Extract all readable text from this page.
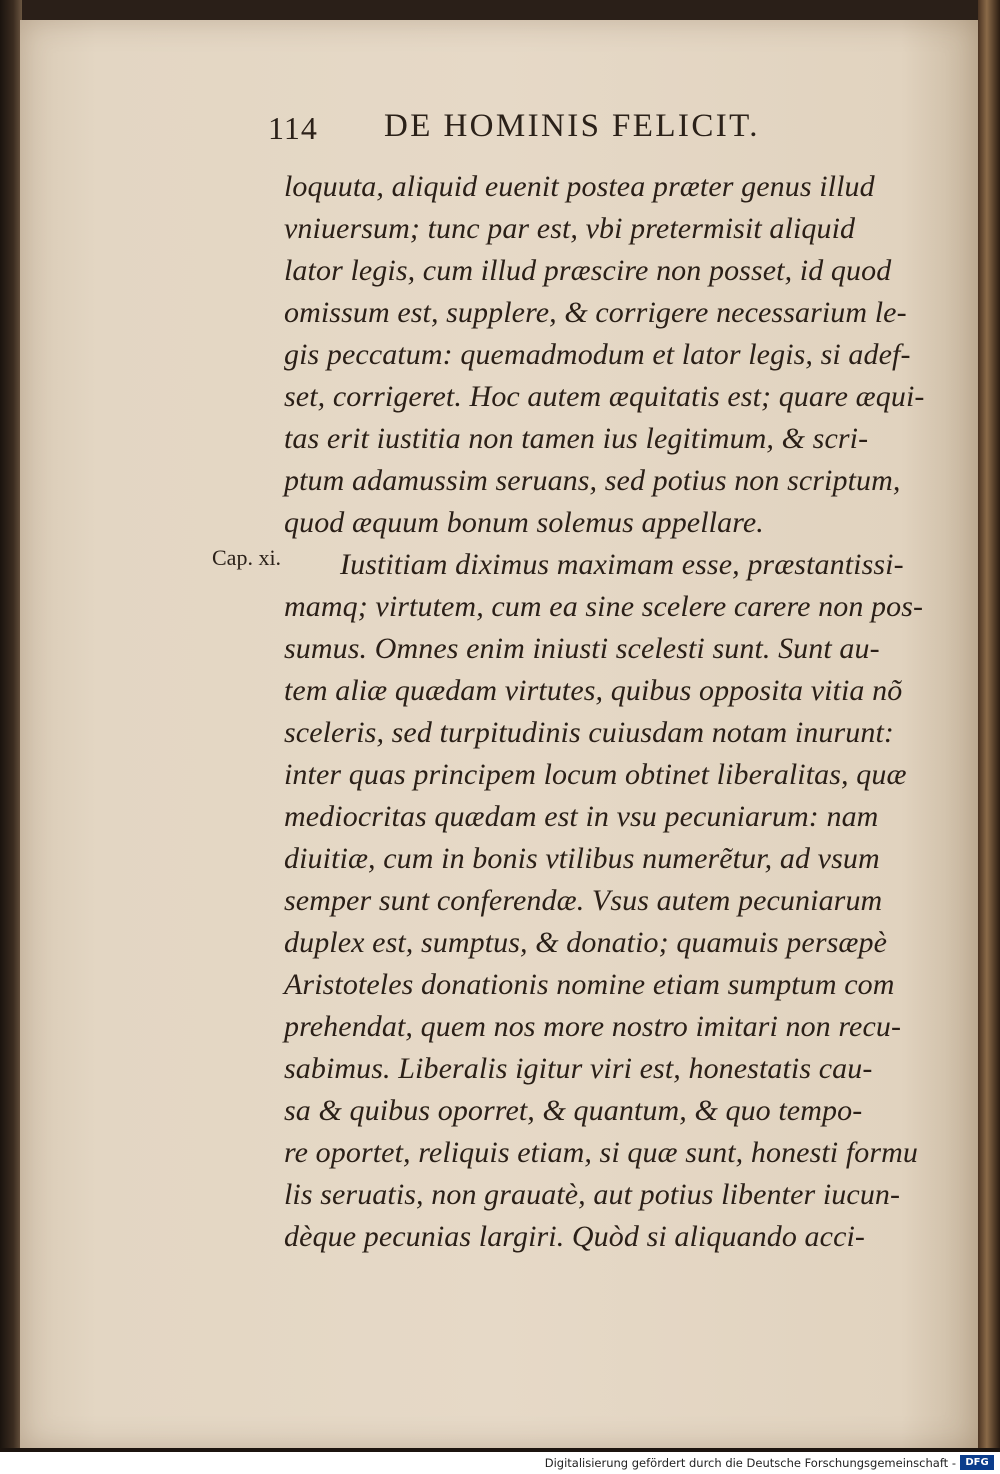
114 DE HOMINIS FELICIT.
Cap. xi.
loquuta, aliquid euenit postea præter genus illud
vniuersum; tunc par est, vbi pretermisit aliquid
lator legis, cum illud præscire non posset, id quod
omissum est, supplere, & corrigere necessarium le-
gis peccatum: quemadmodum et lator legis, si adef-
set, corrigeret. Hoc autem æquitatis est; quare æqui-
tas erit iustitia non tamen ius legitimum, & scri-
ptum adamussim seruans, sed potius non scriptum,
quod æquum bonum solemus appellare.
Iustitiam diximus maximam esse, præstantissi-
mamq; virtutem, cum ea sine scelere carere non pos-
sumus. Omnes enim iniusti scelesti sunt. Sunt au-
tem aliæ quædam virtutes, quibus opposita vitia nõ
sceleris, sed turpitudinis cuiusdam notam inurunt:
inter quas principem locum obtinet liberalitas, quæ
mediocritas quædam est in vsu pecuniarum: nam
diuitiæ, cum in bonis vtilibus numerẽtur, ad vsum
semper sunt conferendæ. Vsus autem pecuniarum
duplex est, sumptus, & donatio; quamuis persæpè
Aristoteles donationis nomine etiam sumptum com
prehendat, quem nos more nostro imitari non recu-
sabimus. Liberalis igitur viri est, honestatis cau-
sa & quibus oporret, & quantum, & quo tempo-
re oportet, reliquis etiam, si quæ sunt, honesti formu
lis seruatis, non grauatè, aut potius libenter iucun-
dèque pecunias largiri. Quòd si aliquando acci-
Digitalisierung gefördert durch die Deutsche Forschungsgemeinschaft - DFG
